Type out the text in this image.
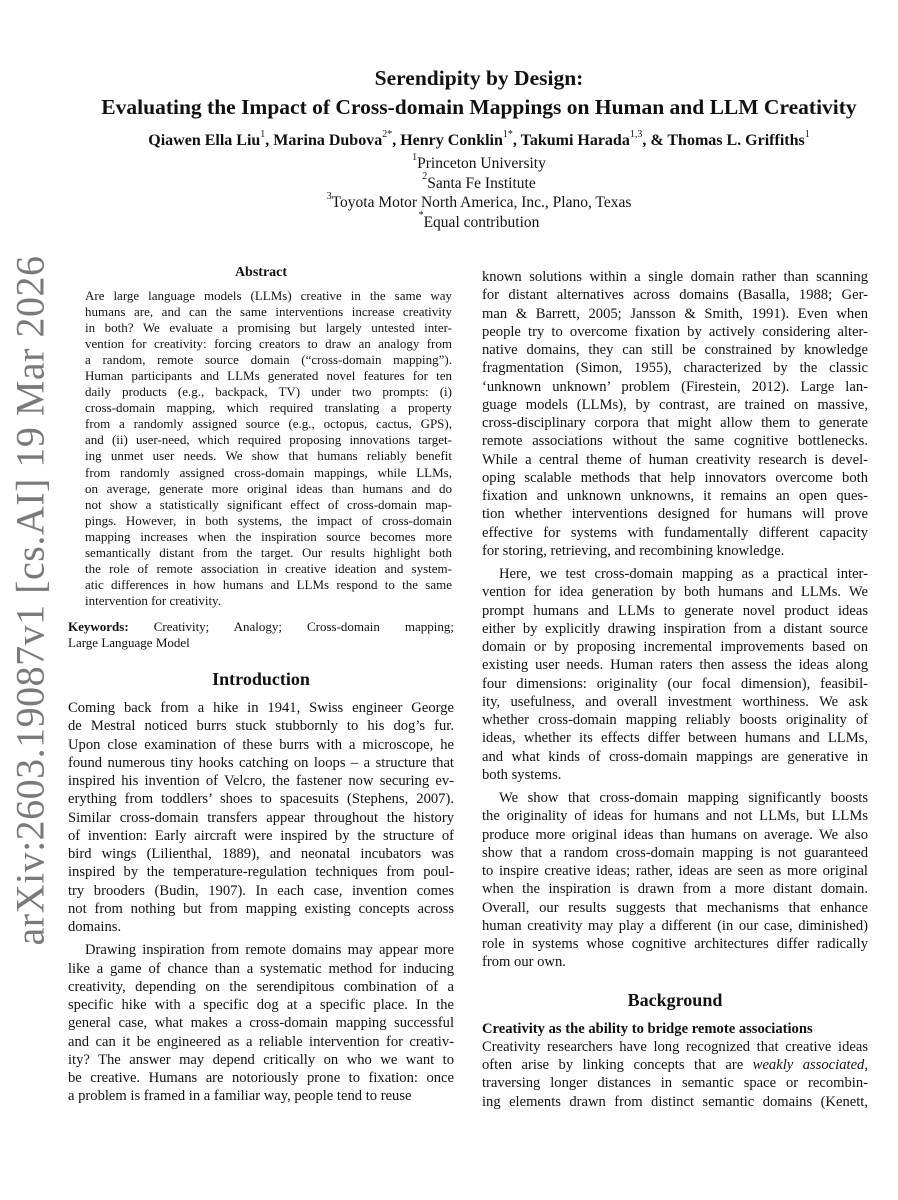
arXiv:2603.19087v1 [cs.AI] 19 Mar 2026
Serendipity by Design:
Evaluating the Impact of Cross-domain Mappings on Human and LLM Creativity
Qiawen Ella Liu$^1$, Marina Dubova$^{2*}$, Henry Conklin$^{1*}$, Takumi Harada$^{1,3}$, & Thomas L. Griffiths$^1$
$^1$Princeton University
$^2$Santa Fe Institute
$^3$Toyota Motor North America, Inc., Plano, Texas
*Equal contribution
Abstract
Are large language models (LLMs) creative in the same way
humans are, and can the same interventions increase creativity
in both? We evaluate a promising but largely untested inter-
vention for creativity: forcing creators to draw an analogy from
a random, remote source domain (“cross-domain mapping”).
Human participants and LLMs generated novel features for ten
daily products (e.g., backpack, TV) under two prompts: (i)
cross-domain mapping, which required translating a property
from a randomly assigned source (e.g., octopus, cactus, GPS),
and (ii) user-need, which required proposing innovations target-
ing unmet user needs. We show that humans reliably benefit
from randomly assigned cross-domain mappings, while LLMs,
on average, generate more original ideas than humans and do
not show a statistically significant effect of cross-domain map-
pings. However, in both systems, the impact of cross-domain
mapping increases when the inspiration source becomes more
semantically distant from the target. Our results highlight both
the role of remote association in creative ideation and system-
atic differences in how humans and LLMs respond to the same
intervention for creativity.
Keywords: Creativity; Analogy; Cross-domain mapping;
Large Language Model
Introduction
Coming back from a hike in 1941, Swiss engineer George
de Mestral noticed burrs stuck stubbornly to his dog’s fur.
Upon close examination of these burrs with a microscope, he
found numerous tiny hooks catching on loops – a structure that
inspired his invention of Velcro, the fastener now securing ev-
erything from toddlers’ shoes to spacesuits (Stephens, 2007).
Similar cross-domain transfers appear throughout the history
of invention: Early aircraft were inspired by the structure of
bird wings (Lilienthal, 1889), and neonatal incubators was
inspired by the temperature-regulation techniques from poul-
try brooders (Budin, 1907). In each case, invention comes
not from nothing but from mapping existing concepts across
domains.
Drawing inspiration from remote domains may appear more
like a game of chance than a systematic method for inducing
creativity, depending on the serendipitous combination of a
specific hike with a specific dog at a specific place. In the
general case, what makes a cross-domain mapping successful
and can it be engineered as a reliable intervention for creativ-
ity? The answer may depend critically on who we want to
be creative. Humans are notoriously prone to fixation: once
a problem is framed in a familiar way, people tend to reuse
known solutions within a single domain rather than scanning
for distant alternatives across domains (Basalla, 1988; Ger-
man & Barrett, 2005; Jansson & Smith, 1991). Even when
people try to overcome fixation by actively considering alter-
native domains, they can still be constrained by knowledge
fragmentation (Simon, 1955), characterized by the classic
‘unknown unknown’ problem (Firestein, 2012). Large lan-
guage models (LLMs), by contrast, are trained on massive,
cross-disciplinary corpora that might allow them to generate
remote associations without the same cognitive bottlenecks.
While a central theme of human creativity research is devel-
oping scalable methods that help innovators overcome both
fixation and unknown unknowns, it remains an open ques-
tion whether interventions designed for humans will prove
effective for systems with fundamentally different capacity
for storing, retrieving, and recombining knowledge.
Here, we test cross-domain mapping as a practical inter-
vention for idea generation by both humans and LLMs. We
prompt humans and LLMs to generate novel product ideas
either by explicitly drawing inspiration from a distant source
domain or by proposing incremental improvements based on
existing user needs. Human raters then assess the ideas along
four dimensions: originality (our focal dimension), feasibil-
ity, usefulness, and overall investment worthiness. We ask
whether cross-domain mapping reliably boosts originality of
ideas, whether its effects differ between humans and LLMs,
and what kinds of cross-domain mappings are generative in
both systems.
We show that cross-domain mapping significantly boosts
the originality of ideas for humans and not LLMs, but LLMs
produce more original ideas than humans on average. We also
show that a random cross-domain mapping is not guaranteed
to inspire creative ideas; rather, ideas are seen as more original
when the inspiration is drawn from a more distant domain.
Overall, our results suggests that mechanisms that enhance
human creativity may play a different (in our case, diminished)
role in systems whose cognitive architectures differ radically
from our own.
Background
Creativity as the ability to bridge remote associations
Creativity researchers have long recognized that creative ideas
often arise by linking concepts that are weakly associated,
traversing longer distances in semantic space or recombin-
ing elements drawn from distinct semantic domains (Kenett,
